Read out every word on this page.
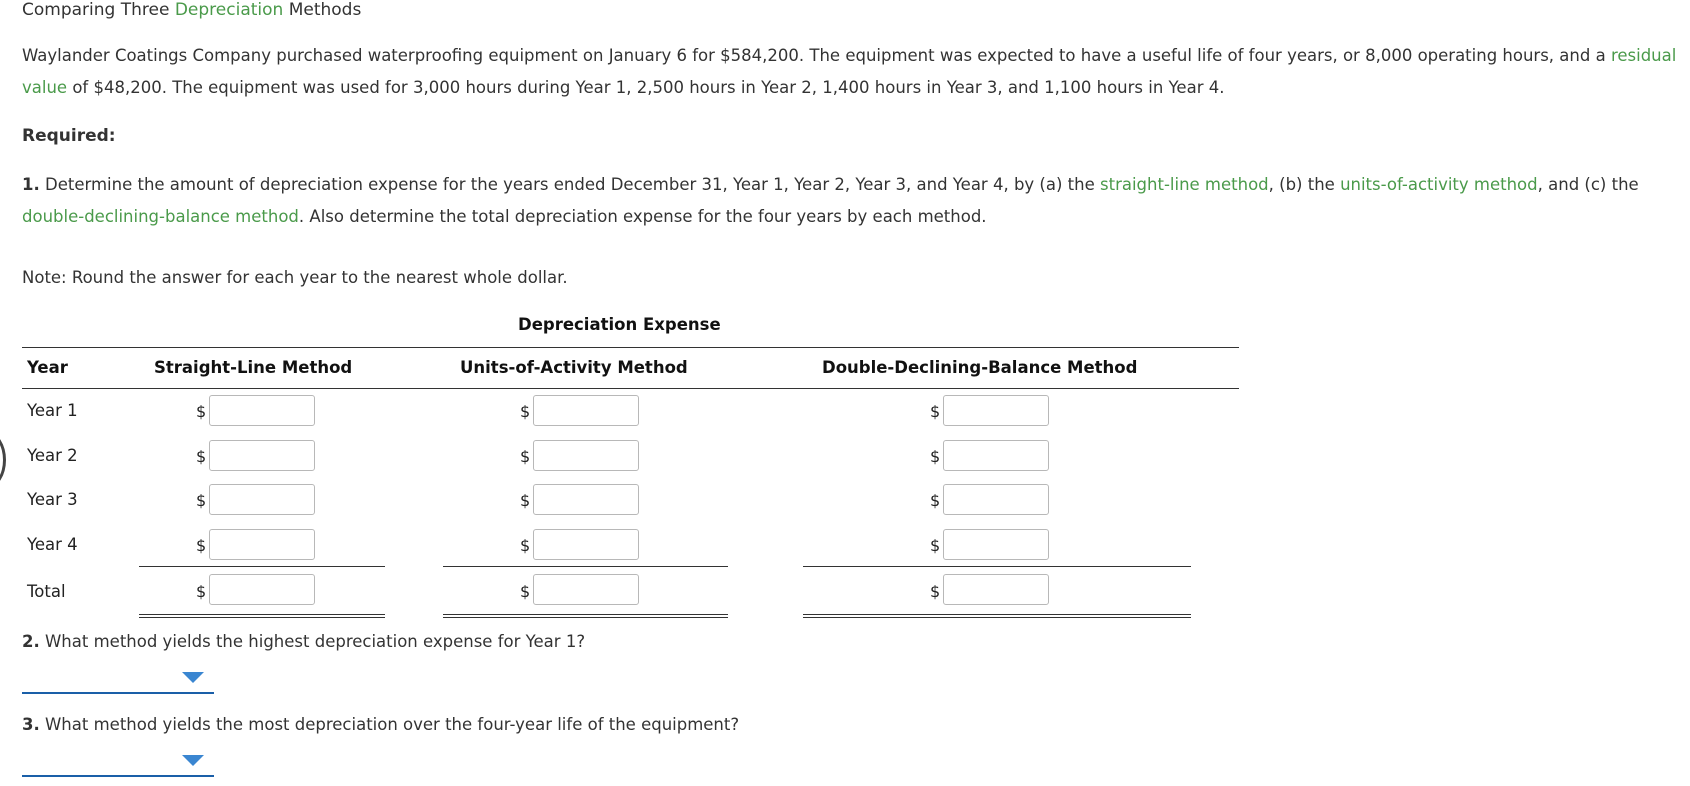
Comparing Three Depreciation Methods
Waylander Coatings Company purchased waterproofing equipment on January 6 for $584,200. The equipment was expected to have a useful life of four years, or 8,000 operating hours, and a residual value of $48,200. The equipment was used for 3,000 hours during Year 1, 2,500 hours in Year 2, 1,400 hours in Year 3, and 1,100 hours in Year 4.
Required:
1. Determine the amount of depreciation expense for the years ended December 31, Year 1, Year 2, Year 3, and Year 4, by (a) the straight-line method, (b) the units-of-activity method, and (c) the double-declining-balance method. Also determine the total depreciation expense for the four years by each method.
Note: Round the answer for each year to the nearest whole dollar.
Depreciation Expense
Year	Straight-Line Method	Units-of-Activity Method	Double-Declining-Balance Method
Year 1	$	$	$
Year 2	$	$	$
Year 3	$	$	$
Year 4	$	$	$
Total	$	$	$
2. What method yields the highest depreciation expense for Year 1?
3. What method yields the most depreciation over the four-year life of the equipment?
